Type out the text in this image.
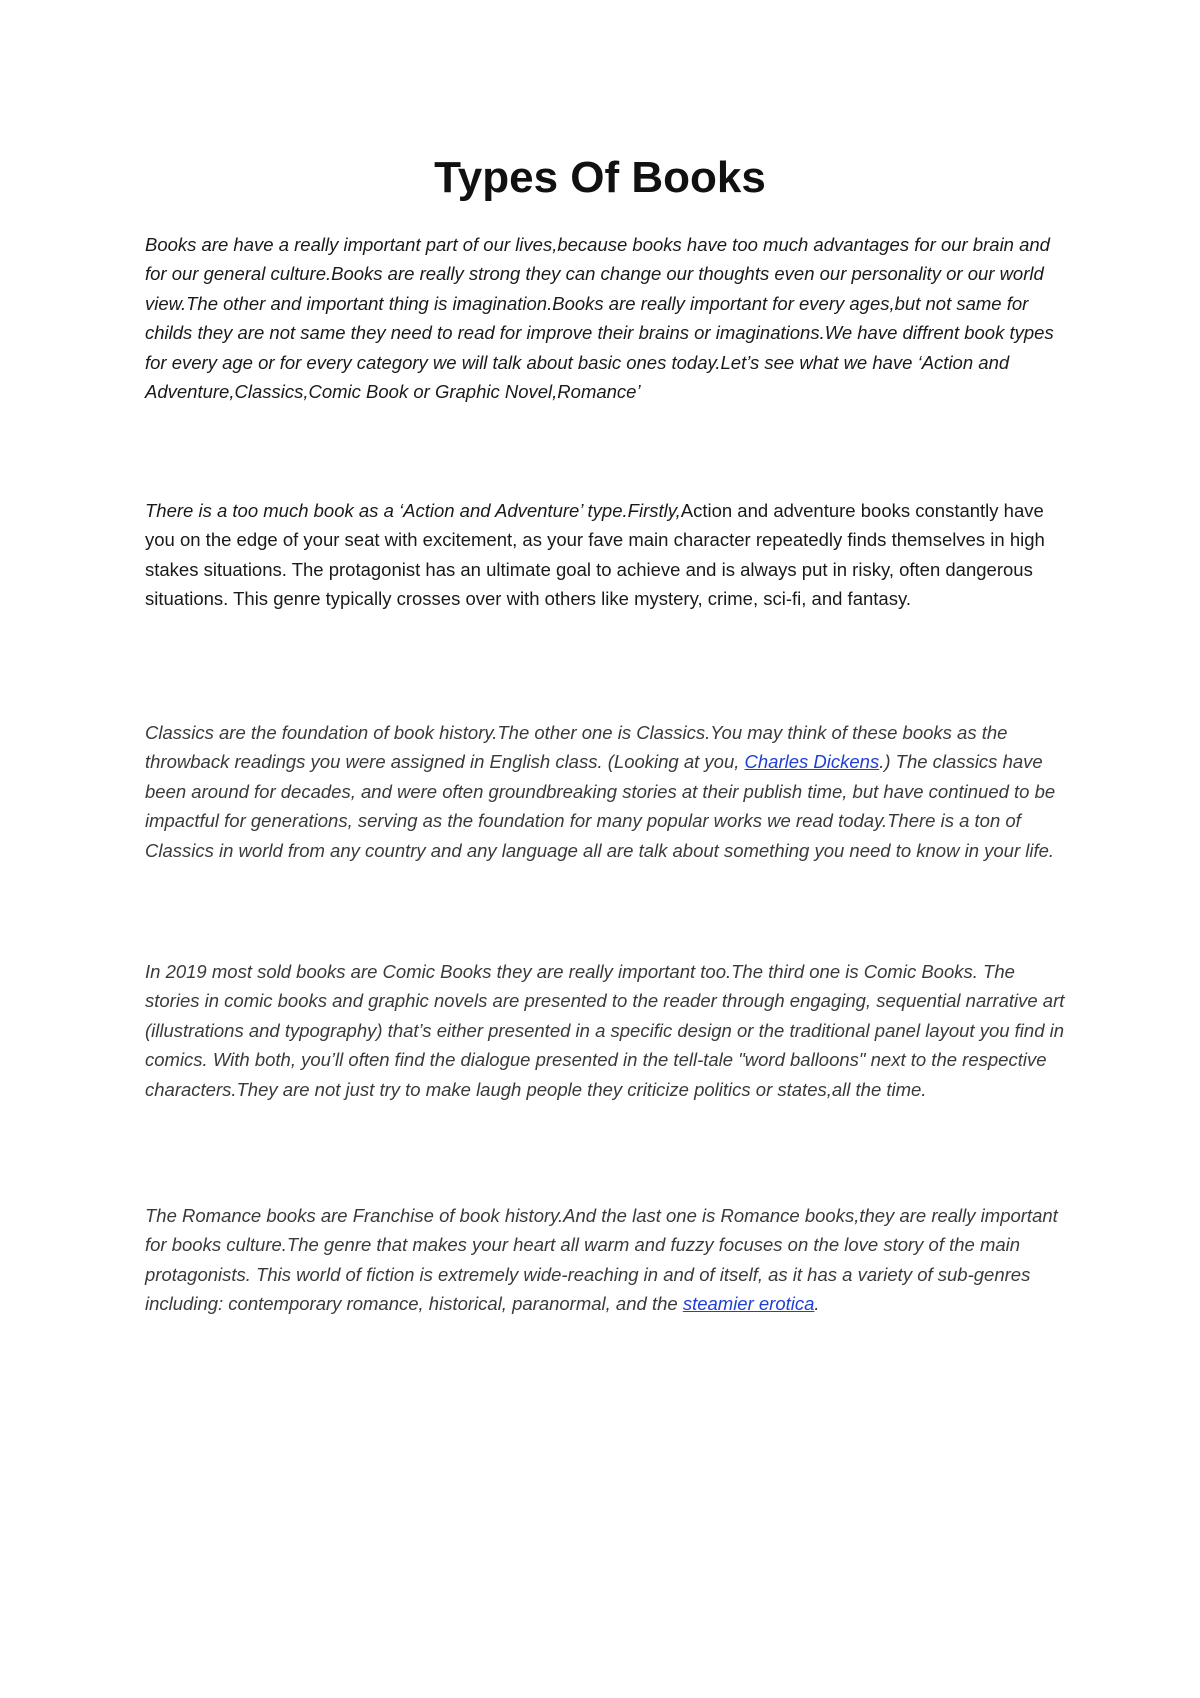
Types Of Books

Books are have a really important part of our lives,because books have too much advantages for our brain and for our general culture.Books are really strong they can change our thoughts even our personality or our world view.The other and important thing is imagination.Books are really important for every ages,but not same for childs they are not same they need to read for improve their brains or imaginations.We have diffrent book types for every age or for every category we will talk about basic ones today.Let’s see what we have ‘Action and Adventure,Classics,Comic Book or Graphic Novel,Romance’

There is a too much book as a ‘Action and Adventure’ type.Firstly,Action and adventure books constantly have you on the edge of your seat with excitement, as your fave main character repeatedly finds themselves in high stakes situations. The protagonist has an ultimate goal to achieve and is always put in risky, often dangerous situations. This genre typically crosses over with others like mystery, crime, sci-fi, and fantasy.

Classics are the foundation of book history.The other one is Classics.You may think of these books as the throwback readings you were assigned in English class. (Looking at you, Charles Dickens.) The classics have been around for decades, and were often groundbreaking stories at their publish time, but have continued to be impactful for generations, serving as the foundation for many popular works we read today.There is a ton of Classics in world from any country and any language all are talk about something you need to know in your life.

In 2019 most sold books are Comic Books they are really important too.The third one is Comic Books. The stories in comic books and graphic novels are presented to the reader through engaging, sequential narrative art (illustrations and typography) that’s either presented in a specific design or the traditional panel layout you find in comics. With both, you’ll often find the dialogue presented in the tell-tale "word balloons" next to the respective characters.They are not just try to make laugh people they criticize politics or states,all the time.

The Romance books are Franchise of book history.And the last one is Romance books,they are really important for books culture.The genre that makes your heart all warm and fuzzy focuses on the love story of the main protagonists. This world of fiction is extremely wide-reaching in and of itself, as it has a variety of sub-genres including: contemporary romance, historical, paranormal, and the steamier erotica.
